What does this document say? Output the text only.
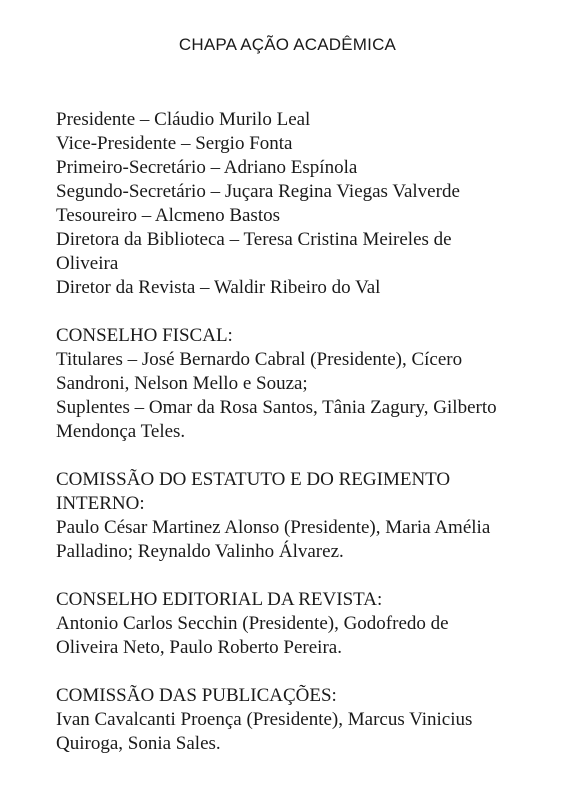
CHAPA AÇÃO ACADÊMICA
Presidente – Cláudio Murilo Leal
Vice-Presidente – Sergio Fonta
Primeiro-Secretário – Adriano Espínola
Segundo-Secretário – Juçara Regina Viegas Valverde
Tesoureiro – Alcmeno Bastos
Diretora da Biblioteca – Teresa Cristina Meireles de
Oliveira
Diretor da Revista – Waldir Ribeiro do Val
CONSELHO FISCAL:
Titulares – José Bernardo Cabral (Presidente), Cícero
Sandroni, Nelson Mello e Souza;
Suplentes – Omar da Rosa Santos, Tânia Zagury, Gilberto
Mendonça Teles.
COMISSÃO DO ESTATUTO E DO REGIMENTO
INTERNO:
Paulo César Martinez Alonso (Presidente), Maria Amélia
Palladino; Reynaldo Valinho Álvarez.
CONSELHO EDITORIAL DA REVISTA:
Antonio Carlos Secchin (Presidente), Godofredo de
Oliveira Neto, Paulo Roberto Pereira.
COMISSÃO DAS PUBLICAÇÕES:
Ivan Cavalcanti Proença (Presidente), Marcus Vinicius
Quiroga, Sonia Sales.
